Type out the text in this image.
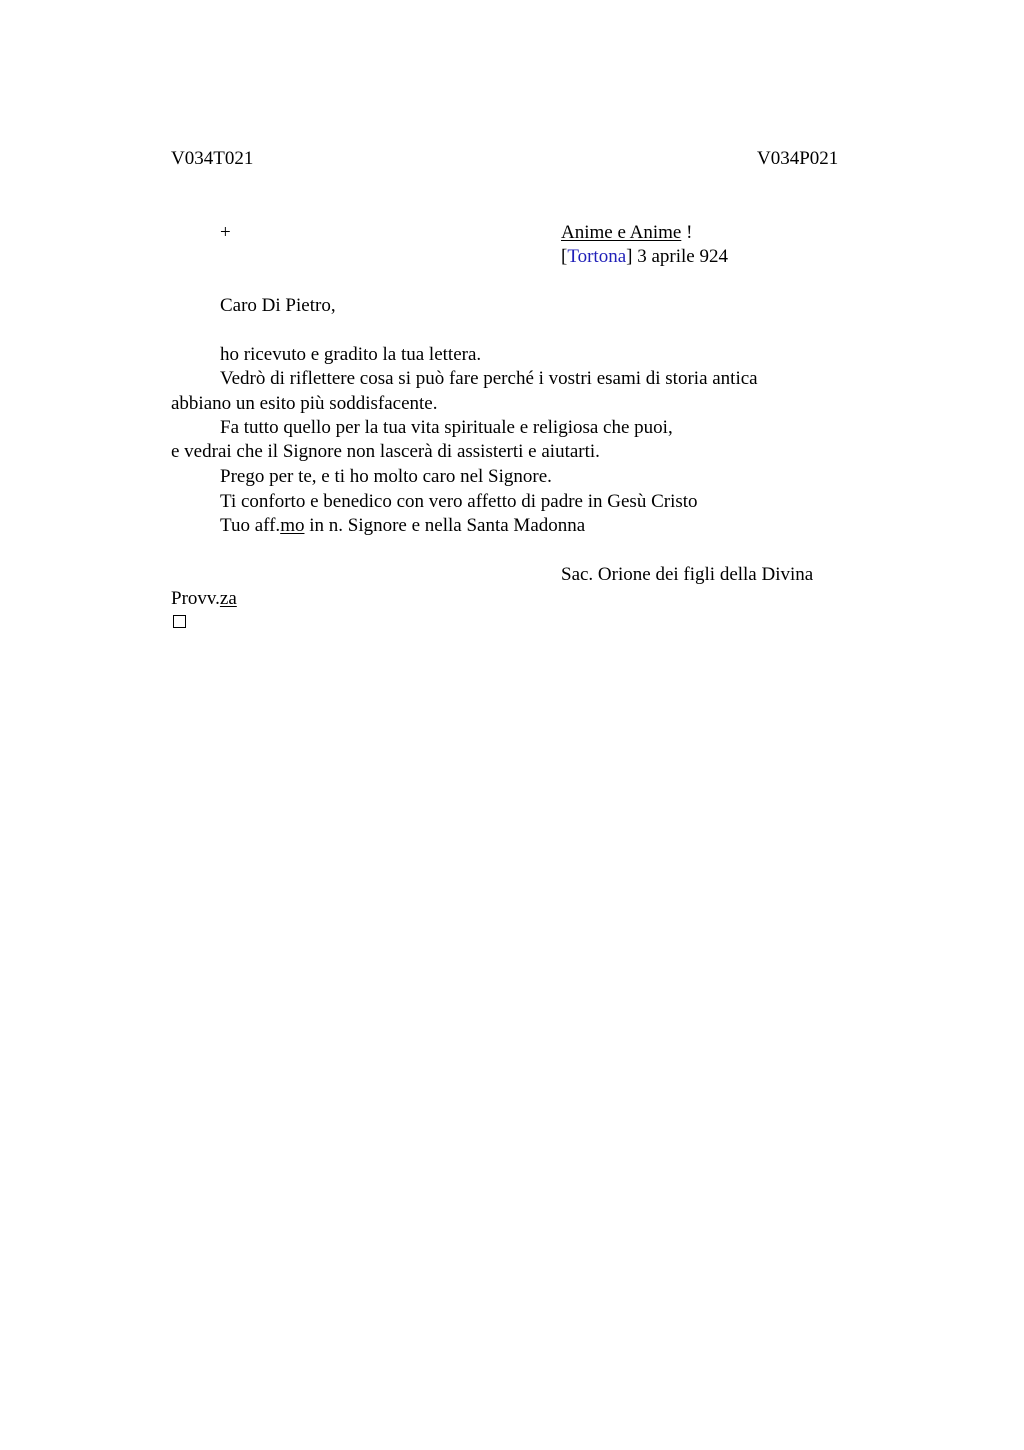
V034T021	V034P021
+	Anime e Anime !
[Tortona] 3 aprile 924
Caro Di Pietro,
ho ricevuto e gradito la tua lettera.
Vedrò di riflettere cosa si può fare perché i vostri esami di storia antica
abbiano un esito più soddisfacente.
Fa tutto quello per la tua vita spirituale e religiosa che puoi,
e vedrai che il Signore non lascerà di assisterti e aiutarti.
Prego per te, e ti ho molto caro nel Signore.
Ti conforto e benedico con vero affetto di padre in Gesù Cristo
Tuo aff.mo in n. Signore e nella Santa Madonna
Sac. Orione dei figli della Divina
Provv.za
